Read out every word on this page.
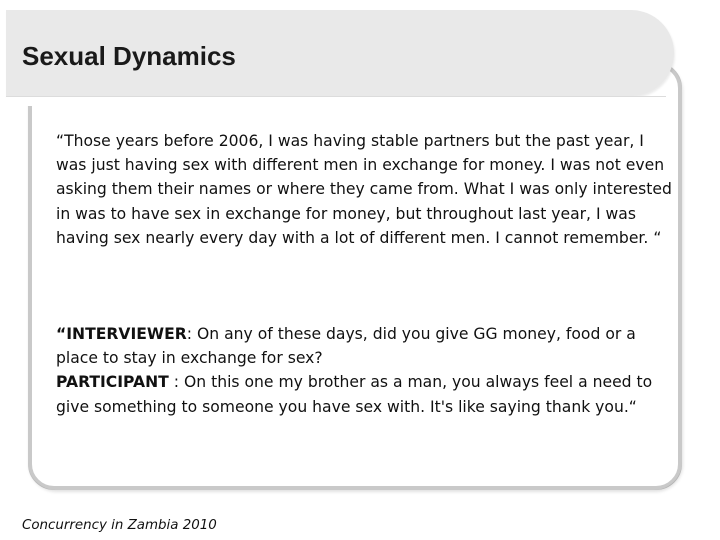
Sexual Dynamics

“Those years before 2006, I was having stable partners but the past year, I was just having sex with different men in exchange for money. I was not even asking them their names or where they came from. What I was only interested in was to have sex in exchange for money, but throughout last year, I was having sex nearly every day with a lot of different men. I cannot remember. “

“INTERVIEWER: On any of these days, did you give GG money, food or a place to stay in exchange for sex?
PARTICIPANT : On this one my brother as a man, you always feel a need to give something to someone you have sex with. It's like saying thank you.“

Concurrency in Zambia 2010
